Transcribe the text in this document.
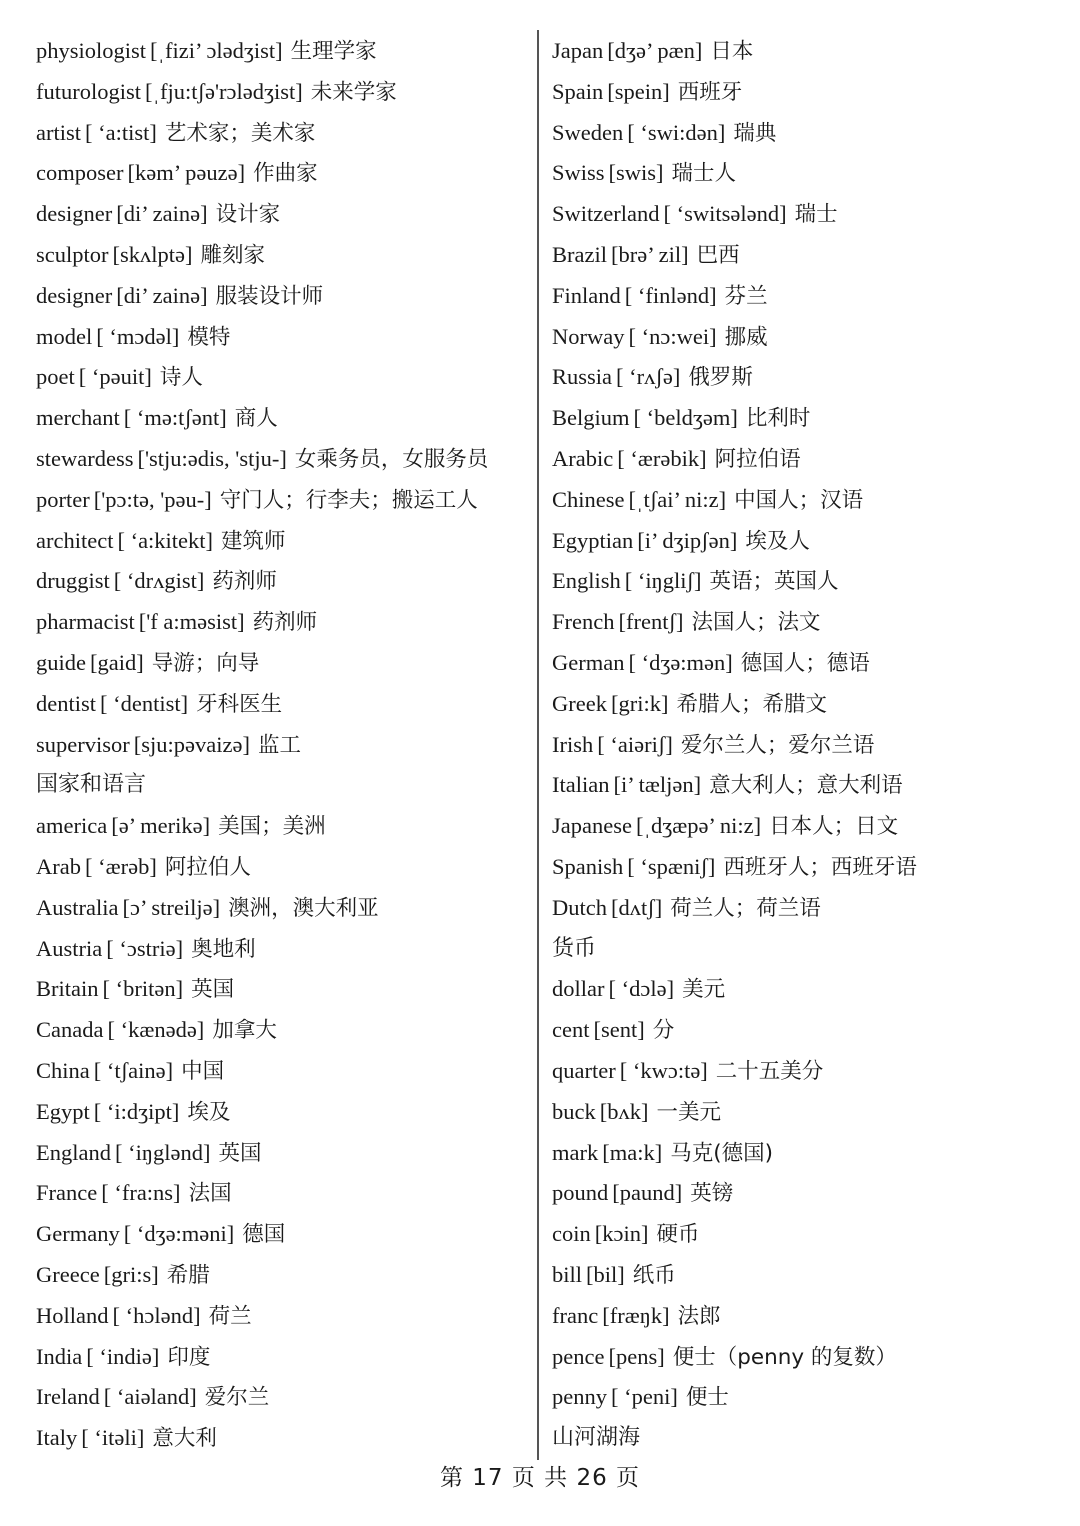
physiologist [ˌfizi’ ɔlədʒist] 生理学家
futurologist [ˌfju:tʃə'rɔlədʒist] 未来学家
artist [ ‘a:tist] 艺术家；美术家
composer [kəm’ pəuzə] 作曲家
designer [di’ zainə] 设计家
sculptor [skʌlptə] 雕刻家
designer [di’ zainə] 服装设计师
model [ ‘mɔdəl] 模特
poet [ ‘pəuit] 诗人
merchant [ ‘mə:tʃənt] 商人
stewardess ['stju:ədis, 'stju-] 女乘务员，女服务员
porter ['pɔ:tə, 'pəu-] 守门人；行李夫；搬运工人
architect [ ‘a:kitekt] 建筑师
druggist [ ‘drʌgist] 药剂师
pharmacist ['f a:məsist] 药剂师
guide [gaid] 导游；向导
dentist [ ‘dentist] 牙科医生
supervisor [sju:pəvaizə] 监工
国家和语言
america [ə’ merikə] 美国；美洲
Arab [ ‘ærəb] 阿拉伯人
Australia [ɔ’ streiljə] 澳洲，澳大利亚
Austria [ ‘ɔstriə] 奥地利
Britain [ ‘britən] 英国
Canada [ ‘kænədə] 加拿大
China [ ‘tʃainə] 中国
Egypt [ ‘i:dʒipt] 埃及
England [ ‘iŋglənd] 英国
France [ ‘fra:ns] 法国
Germany [ ‘dʒə:məni] 德国
Greece [gri:s] 希腊
Holland [ ‘hɔlənd] 荷兰
India [ ‘indiə] 印度
Ireland [ ‘aiəland] 爱尔兰
Italy [ ‘itəli] 意大利
Japan [dʒə’ pæn] 日本
Spain [spein] 西班牙
Sweden [ ‘swi:dən] 瑞典
Swiss [swis] 瑞士人
Switzerland [ ‘switsələnd] 瑞士
Brazil [brə’ zil] 巴西
Finland [ ‘finlənd] 芬兰
Norway [ ‘nɔ:wei] 挪威
Russia [ ‘rʌʃə] 俄罗斯
Belgium [ ‘beldʒəm] 比利时
Arabic [ ‘ærəbik] 阿拉伯语
Chinese [ˌtʃai’ ni:z] 中国人；汉语
Egyptian [i’ dʒipʃən] 埃及人
English [ ‘iŋgliʃ] 英语；英国人
French [frentʃ] 法国人；法文
German [ ‘dʒə:mən] 德国人；德语
Greek [gri:k] 希腊人；希腊文
Irish [ ‘aiəriʃ] 爱尔兰人；爱尔兰语
Italian [i’ tæljən] 意大利人；意大利语
Japanese [ˌdʒæpə’ ni:z] 日本人；日文
Spanish [ ‘spæniʃ] 西班牙人；西班牙语
Dutch [dʌtʃ] 荷兰人；荷兰语
货币
dollar [ ‘dɔlə] 美元
cent [sent] 分
quarter [ ‘kwɔ:tə] 二十五美分
buck [bʌk] 一美元
mark [ma:k] 马克(德国)
pound [paund] 英镑
coin [kɔin] 硬币
bill [bil] 纸币
franc [fræŋk] 法郎
pence [pens] 便士（penny 的复数）
penny [ ‘peni] 便士
山河湖海
第 17 页 共 26 页
